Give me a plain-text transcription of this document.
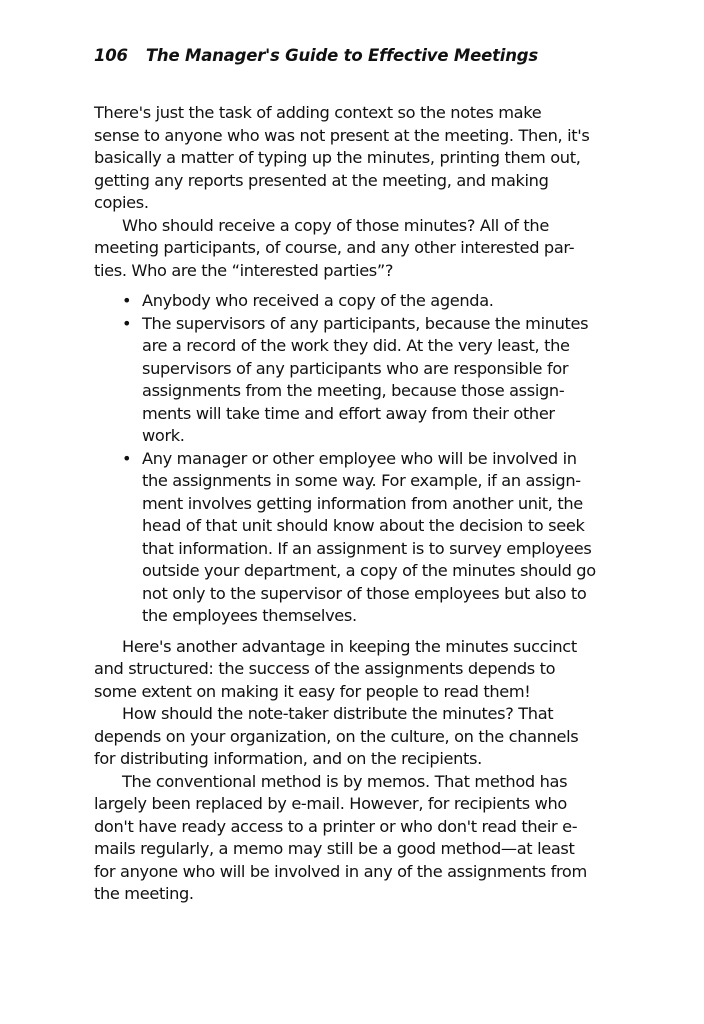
106 The Manager's Guide to Effective Meetings
There's just the task of adding context so the notes make
sense to anyone who was not present at the meeting. Then, it's
basically a matter of typing up the minutes, printing them out,
getting any reports presented at the meeting, and making
copies.
Who should receive a copy of those minutes? All of the
meeting participants, of course, and any other interested par-
ties. Who are the “interested parties”?
• Anybody who received a copy of the agenda.
• The supervisors of any participants, because the minutes
are a record of the work they did. At the very least, the
supervisors of any participants who are responsible for
assignments from the meeting, because those assign-
ments will take time and effort away from their other
work.
• Any manager or other employee who will be involved in
the assignments in some way. For example, if an assign-
ment involves getting information from another unit, the
head of that unit should know about the decision to seek
that information. If an assignment is to survey employees
outside your department, a copy of the minutes should go
not only to the supervisor of those employees but also to
the employees themselves.
Here's another advantage in keeping the minutes succinct
and structured: the success of the assignments depends to
some extent on making it easy for people to read them!
How should the note-taker distribute the minutes? That
depends on your organization, on the culture, on the channels
for distributing information, and on the recipients.
The conventional method is by memos. That method has
largely been replaced by e-mail. However, for recipients who
don't have ready access to a printer or who don't read their e-
mails regularly, a memo may still be a good method—at least
for anyone who will be involved in any of the assignments from
the meeting.
